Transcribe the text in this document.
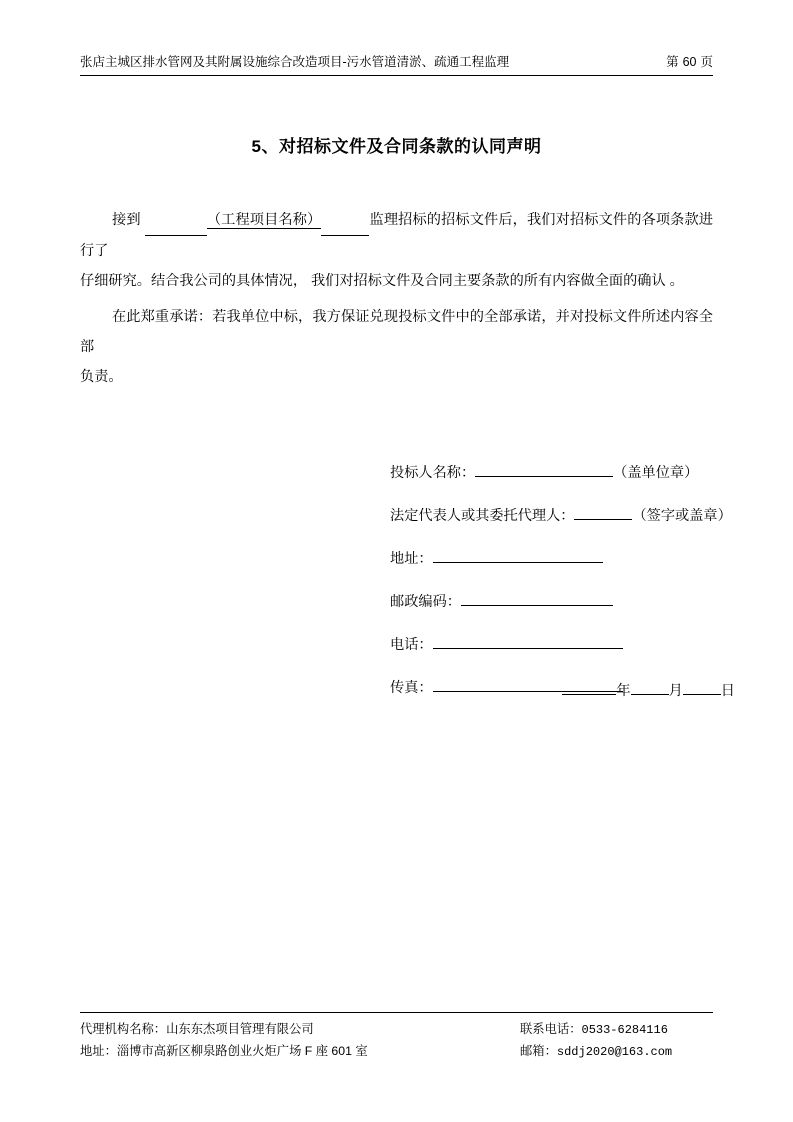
张店主城区排水管网及其附属设施综合改造项目-污水管道清淤、疏通工程监理	第 60 页
5、对招标文件及合同条款的认同声明

接到	（工程项目名称）	监理招标的招标文件后，我们对招标文件的各项条款进行了

仔细研究。结合我公司的具体情况， 我们对招标文件及合同主要条款的所有内容做全面的确认 。

在此郑重承诺：若我单位中标，我方保证兑现投标文件中的全部承诺，并对投标文件所述内容全部

负责。

投标人名称：	（盖单位章）
法定代表人或其委托代理人：	（签字或盖章）
地址：
邮政编码：
电话：
传真：	年	月	日
代理机构名称：山东东杰项目管理有限公司	联系电话：0533-6284116
地址：淄博市高新区柳泉路创业火炬广场 F 座 601 室	邮箱：sddj2020@163.com
